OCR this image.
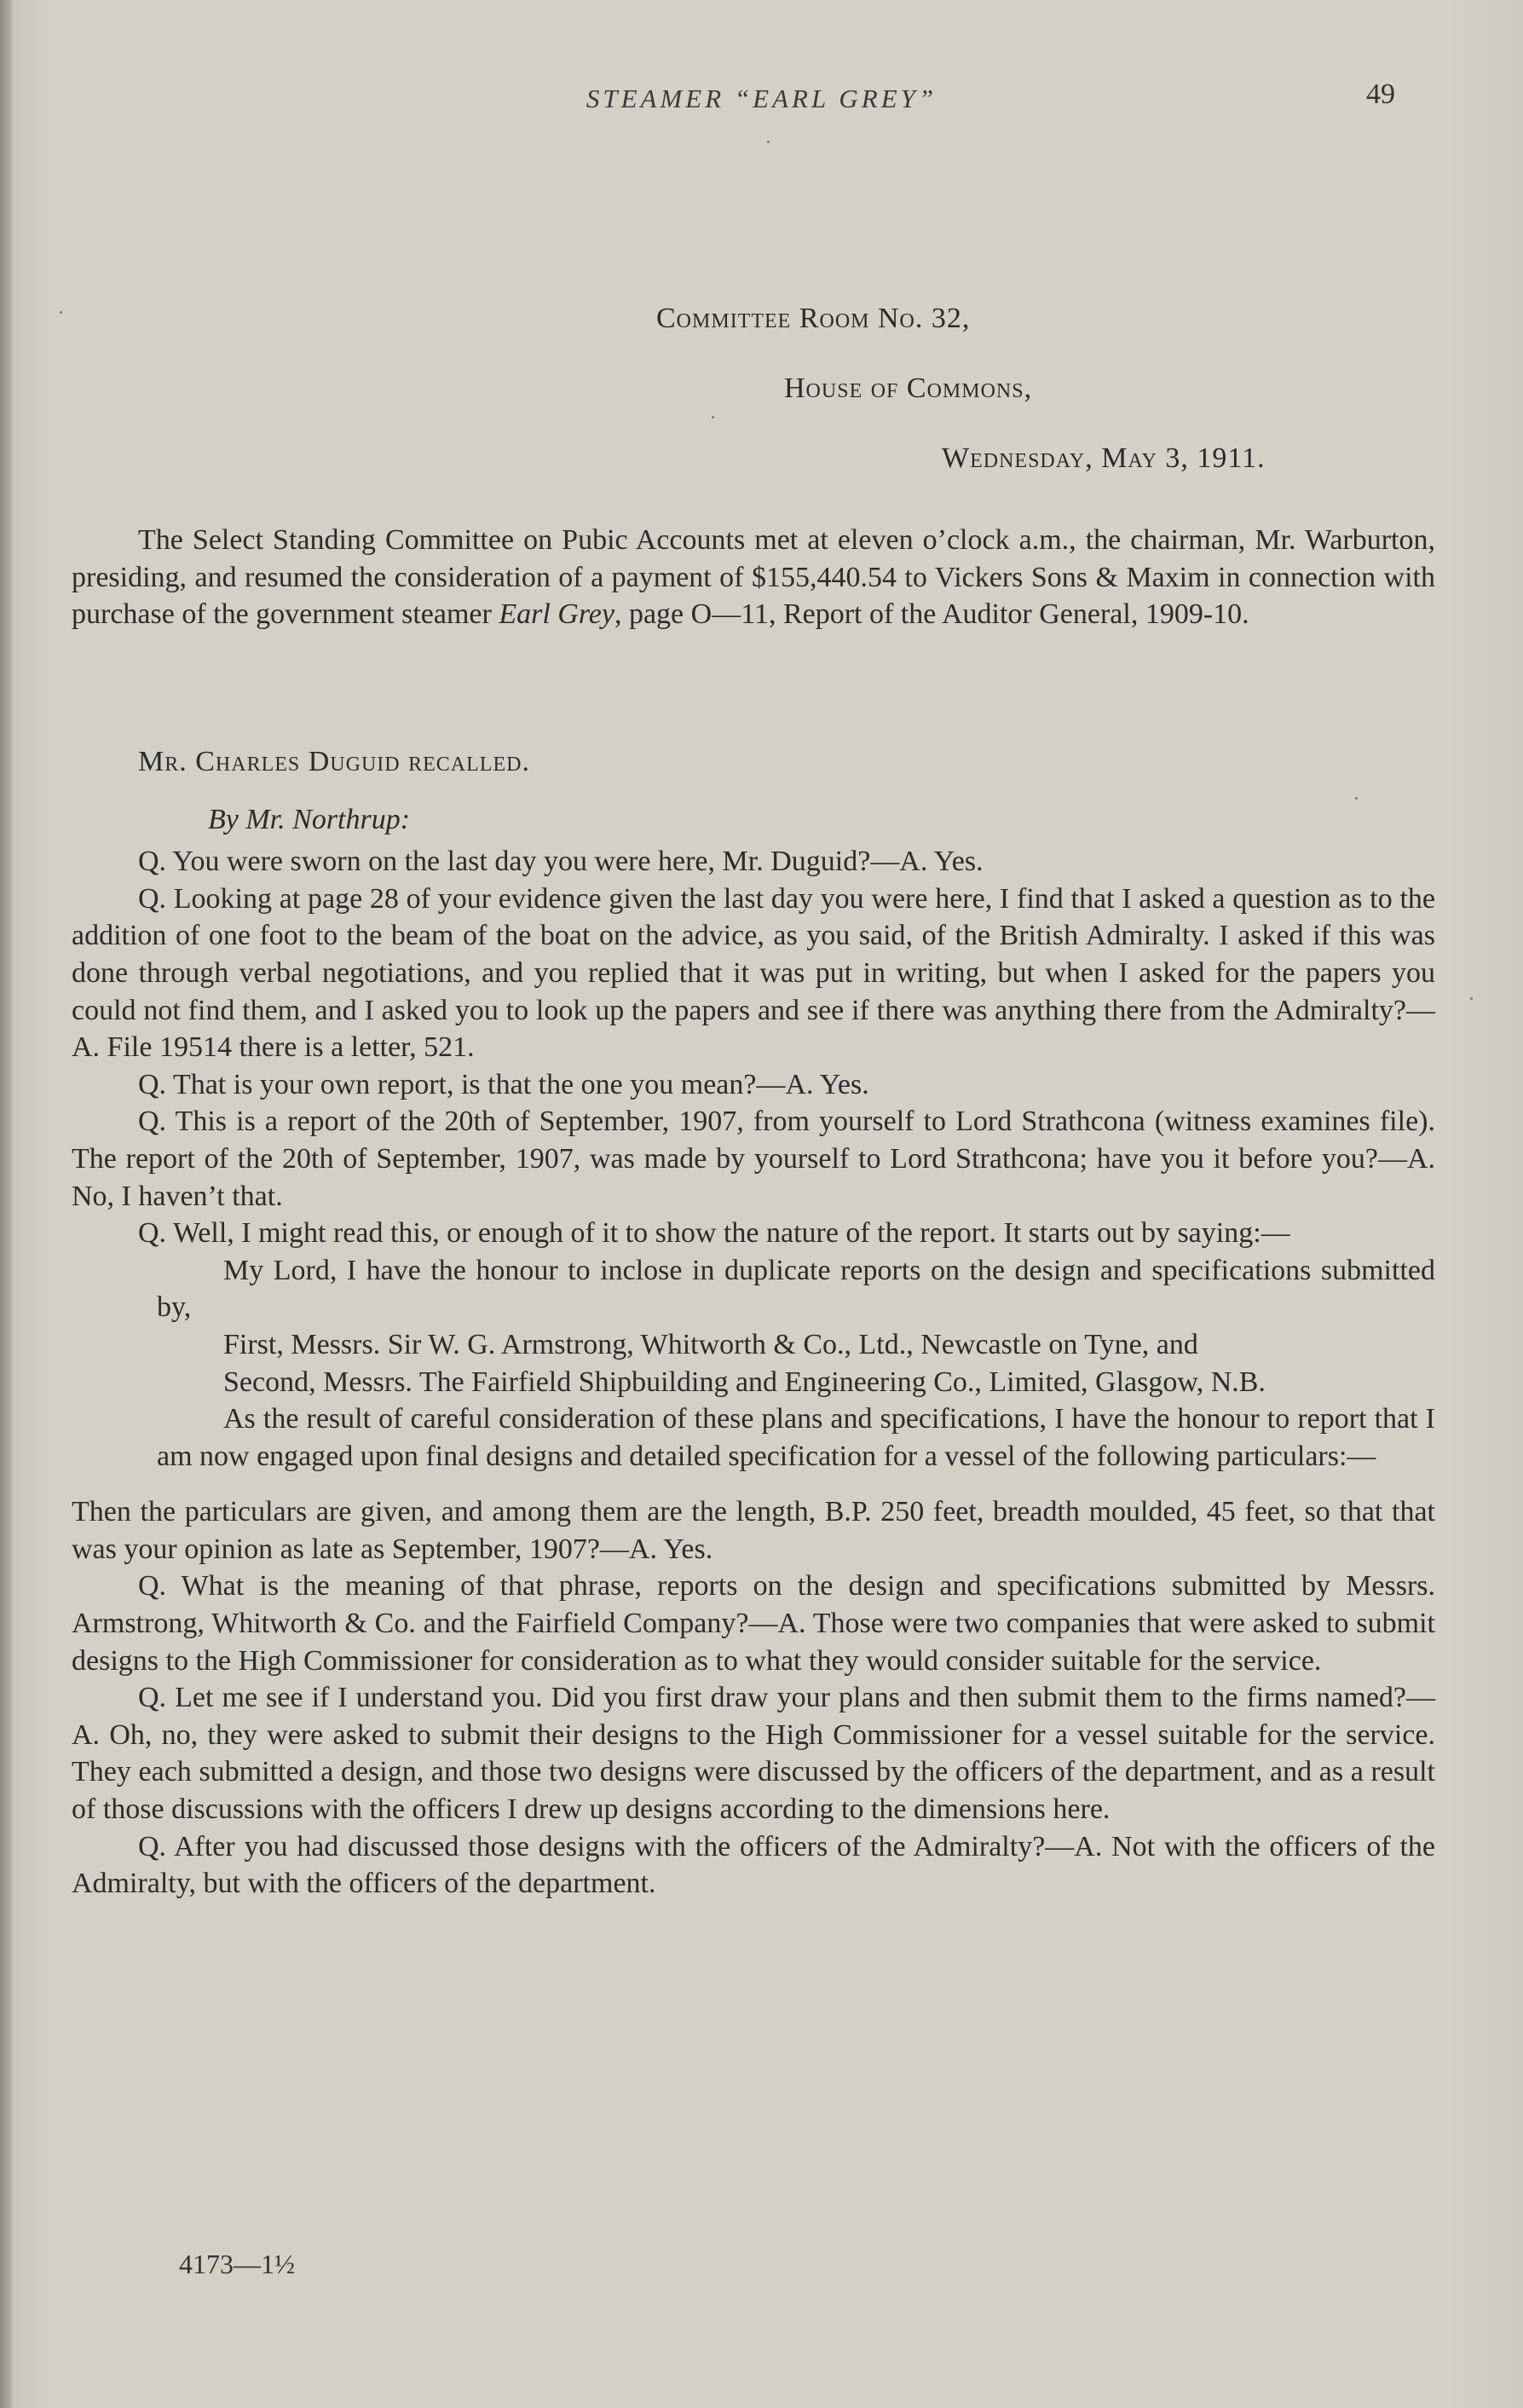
STEAMER “EARL GREY”	49
Committee Room No. 32,
House of Commons,
Wednesday, May 3, 1911.

The Select Standing Committee on Pubic Accounts met at eleven o’clock a.m., the chairman, Mr. Warburton, presiding, and resumed the consideration of a payment of $155,440.54 to Vickers Sons & Maxim in connection with purchase of the government steamer Earl Grey, page O—11, Report of the Auditor General, 1909-10.

Mr. Charles Duguid recalled.

By Mr. Northrup:

Q. You were sworn on the last day you were here, Mr. Duguid?—A. Yes.

Q. Looking at page 28 of your evidence given the last day you were here, I find that I asked a question as to the addition of one foot to the beam of the boat on the advice, as you said, of the British Admiralty. I asked if this was done through verbal negotiations, and you replied that it was put in writing, but when I asked for the papers you could not find them, and I asked you to look up the papers and see if there was anything there from the Admiralty?—A. File 19514 there is a letter, 521.

Q. That is your own report, is that the one you mean?—A. Yes.

Q. This is a report of the 20th of September, 1907, from yourself to Lord Strathcona (witness examines file). The report of the 20th of September, 1907, was made by yourself to Lord Strathcona; have you it before you?—A. No, I haven’t that.

Q. Well, I might read this, or enough of it to show the nature of the report. It starts out by saying:—

My Lord, I have the honour to inclose in duplicate reports on the design and specifications submitted by,

First, Messrs. Sir W. G. Armstrong, Whitworth & Co., Ltd., Newcastle on Tyne, and

Second, Messrs. The Fairfield Shipbuilding and Engineering Co., Limited, Glasgow, N.B.

As the result of careful consideration of these plans and specifications, I have the honour to report that I am now engaged upon final designs and detailed specification for a vessel of the following particulars:—

Then the particulars are given, and among them are the length, B.P. 250 feet, breadth moulded, 45 feet, so that that was your opinion as late as September, 1907?—A. Yes.

Q. What is the meaning of that phrase, reports on the design and specifications submitted by Messrs. Armstrong, Whitworth & Co. and the Fairfield Company?—A. Those were two companies that were asked to submit designs to the High Commissioner for consideration as to what they would consider suitable for the service.

Q. Let me see if I understand you. Did you first draw your plans and then submit them to the firms named?—A. Oh, no, they were asked to submit their designs to the High Commissioner for a vessel suitable for the service. They each submitted a design, and those two designs were discussed by the officers of the department, and as a result of those discussions with the officers I drew up designs according to the dimensions here.

Q. After you had discussed those designs with the officers of the Admiralty?—A. Not with the officers of the Admiralty, but with the officers of the department.

4173—1½
